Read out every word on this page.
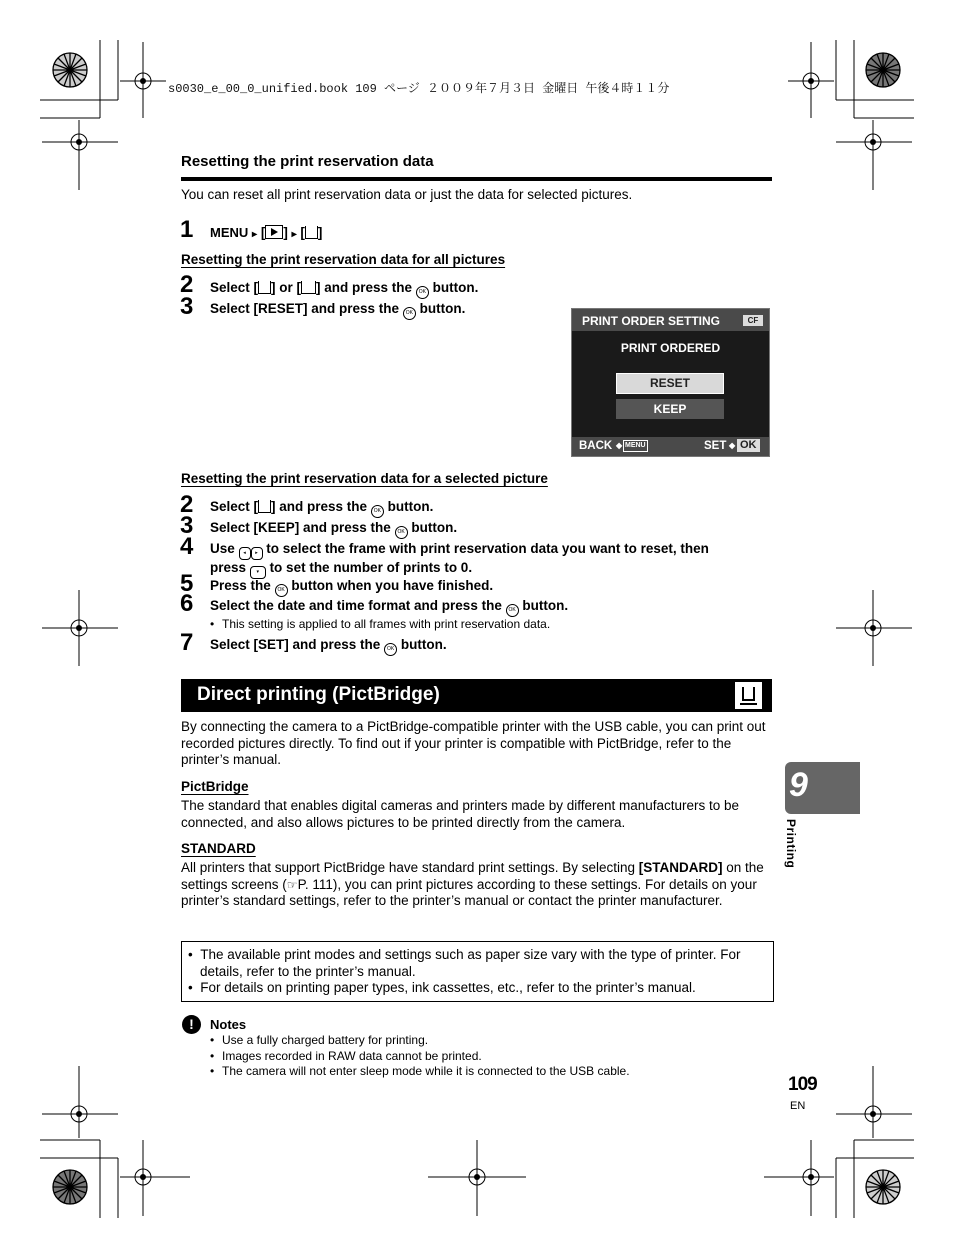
s0030_e_00_0_unified.book 109 ページ ２００９年７月３日 金曜日 午後４時１１分
Resetting the print reservation data
You can reset all print reservation data or just the data for selected pictures.
1 MENU ▸ [ ] ▸ [ ]
Resetting the print reservation data for all pictures
2 Select [ ] or [ ] and press the OK button.
3 Select [RESET] and press the OK button.
PRINT ORDER SETTING	CF
PRINT ORDERED
RESET
KEEP
BACK ◆ MENU	SET ◆ OK
Resetting the print reservation data for a selected picture
2 Select [ ] and press the OK button.
3 Select [KEEP] and press the OK button.
4 Use ◂ ▸ to select the frame with print reservation data you want to reset, then
press ▾ to set the number of prints to 0.
5 Press the OK button when you have finished.
6 Select the date and time format and press the OK button.
• This setting is applied to all frames with print reservation data.
7 Select [SET] and press the OK button.
Direct printing (PictBridge)
By connecting the camera to a PictBridge-compatible printer with the USB cable, you can print out recorded pictures directly. To find out if your printer is compatible with PictBridge, refer to the printer’s manual.
PictBridge
The standard that enables digital cameras and printers made by different manufacturers to be connected, and also allows pictures to be printed directly from the camera.
STANDARD
All printers that support PictBridge have standard print settings. By selecting [STANDARD] on the settings screens (☞P. 111), you can print pictures according to these settings. For details on your printer’s standard settings, refer to the printer’s manual or contact the printer manufacturer.
•  The available print modes and settings such as paper size vary with the type of printer. For details, refer to the printer’s manual.
•  For details on printing paper types, ink cassettes, etc., refer to the printer’s manual.
!	Notes
• Use a fully charged battery for printing.
• Images recorded in RAW data cannot be printed.
• The camera will not enter sleep mode while it is connected to the USB cable.
9
Printing
109
EN
